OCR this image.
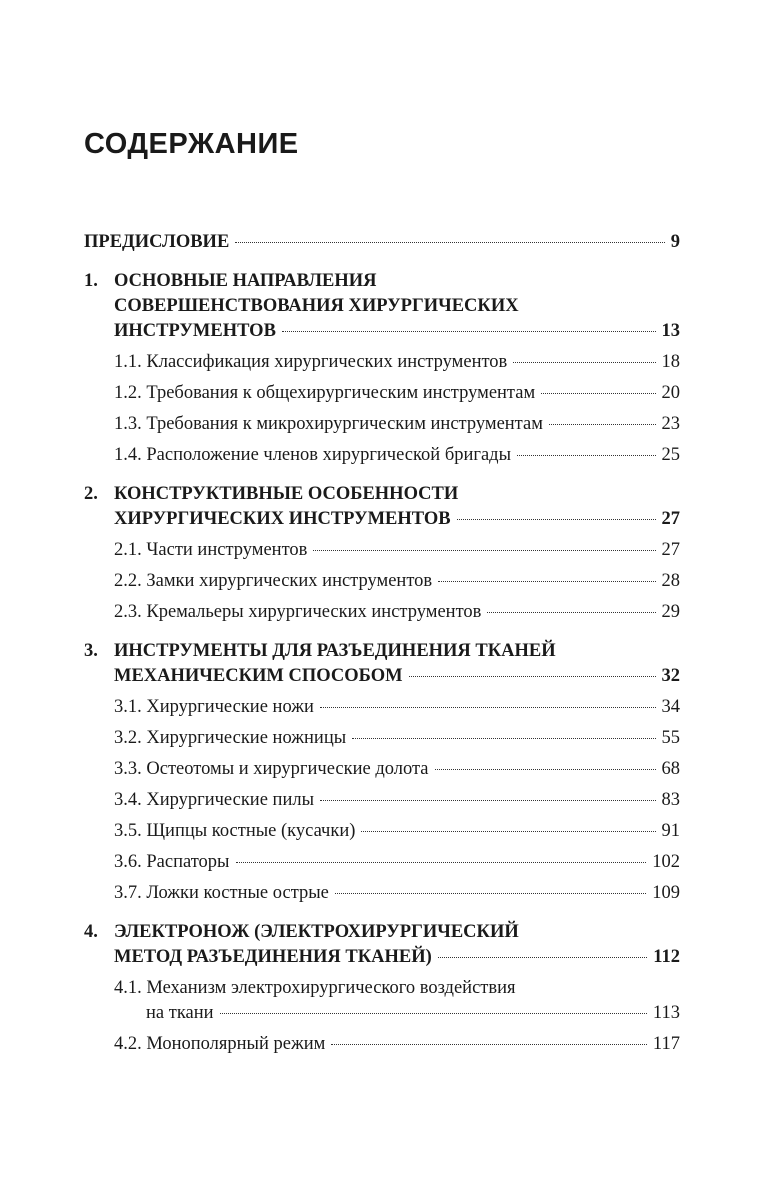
СОДЕРЖАНИЕ
ПРЕДИСЛОВИЕ	9
1. ОСНОВНЫЕ НАПРАВЛЕНИЯ
СОВЕРШЕНСТВОВАНИЯ ХИРУРГИЧЕСКИХ
ИНСТРУМЕНТОВ	13
1.1. Классификация хирургических инструментов	18
1.2. Требования к общехирургическим инструментам	20
1.3. Требования к микрохирургическим инструментам	23
1.4. Расположение членов хирургической бригады	25
2. КОНСТРУКТИВНЫЕ ОСОБЕННОСТИ
ХИРУРГИЧЕСКИХ ИНСТРУМЕНТОВ	27
2.1. Части инструментов	27
2.2. Замки хирургических инструментов	28
2.3. Кремальеры хирургических инструментов	29
3. ИНСТРУМЕНТЫ ДЛЯ РАЗЪЕДИНЕНИЯ ТКАНЕЙ
МЕХАНИЧЕСКИМ СПОСОБОМ	32
3.1. Хирургические ножи	34
3.2. Хирургические ножницы	55
3.3. Остеотомы и хирургические долота	68
3.4. Хирургические пилы	83
3.5. Щипцы костные (кусачки)	91
3.6. Распаторы	102
3.7. Ложки костные острые	109
4. ЭЛЕКТРОНОЖ (ЭЛЕКТРОХИРУРГИЧЕСКИЙ
МЕТОД РАЗЪЕДИНЕНИЯ ТКАНЕЙ)	112
4.1. Механизм электрохирургического воздействия
на ткани	113
4.2. Монополярный режим	117
